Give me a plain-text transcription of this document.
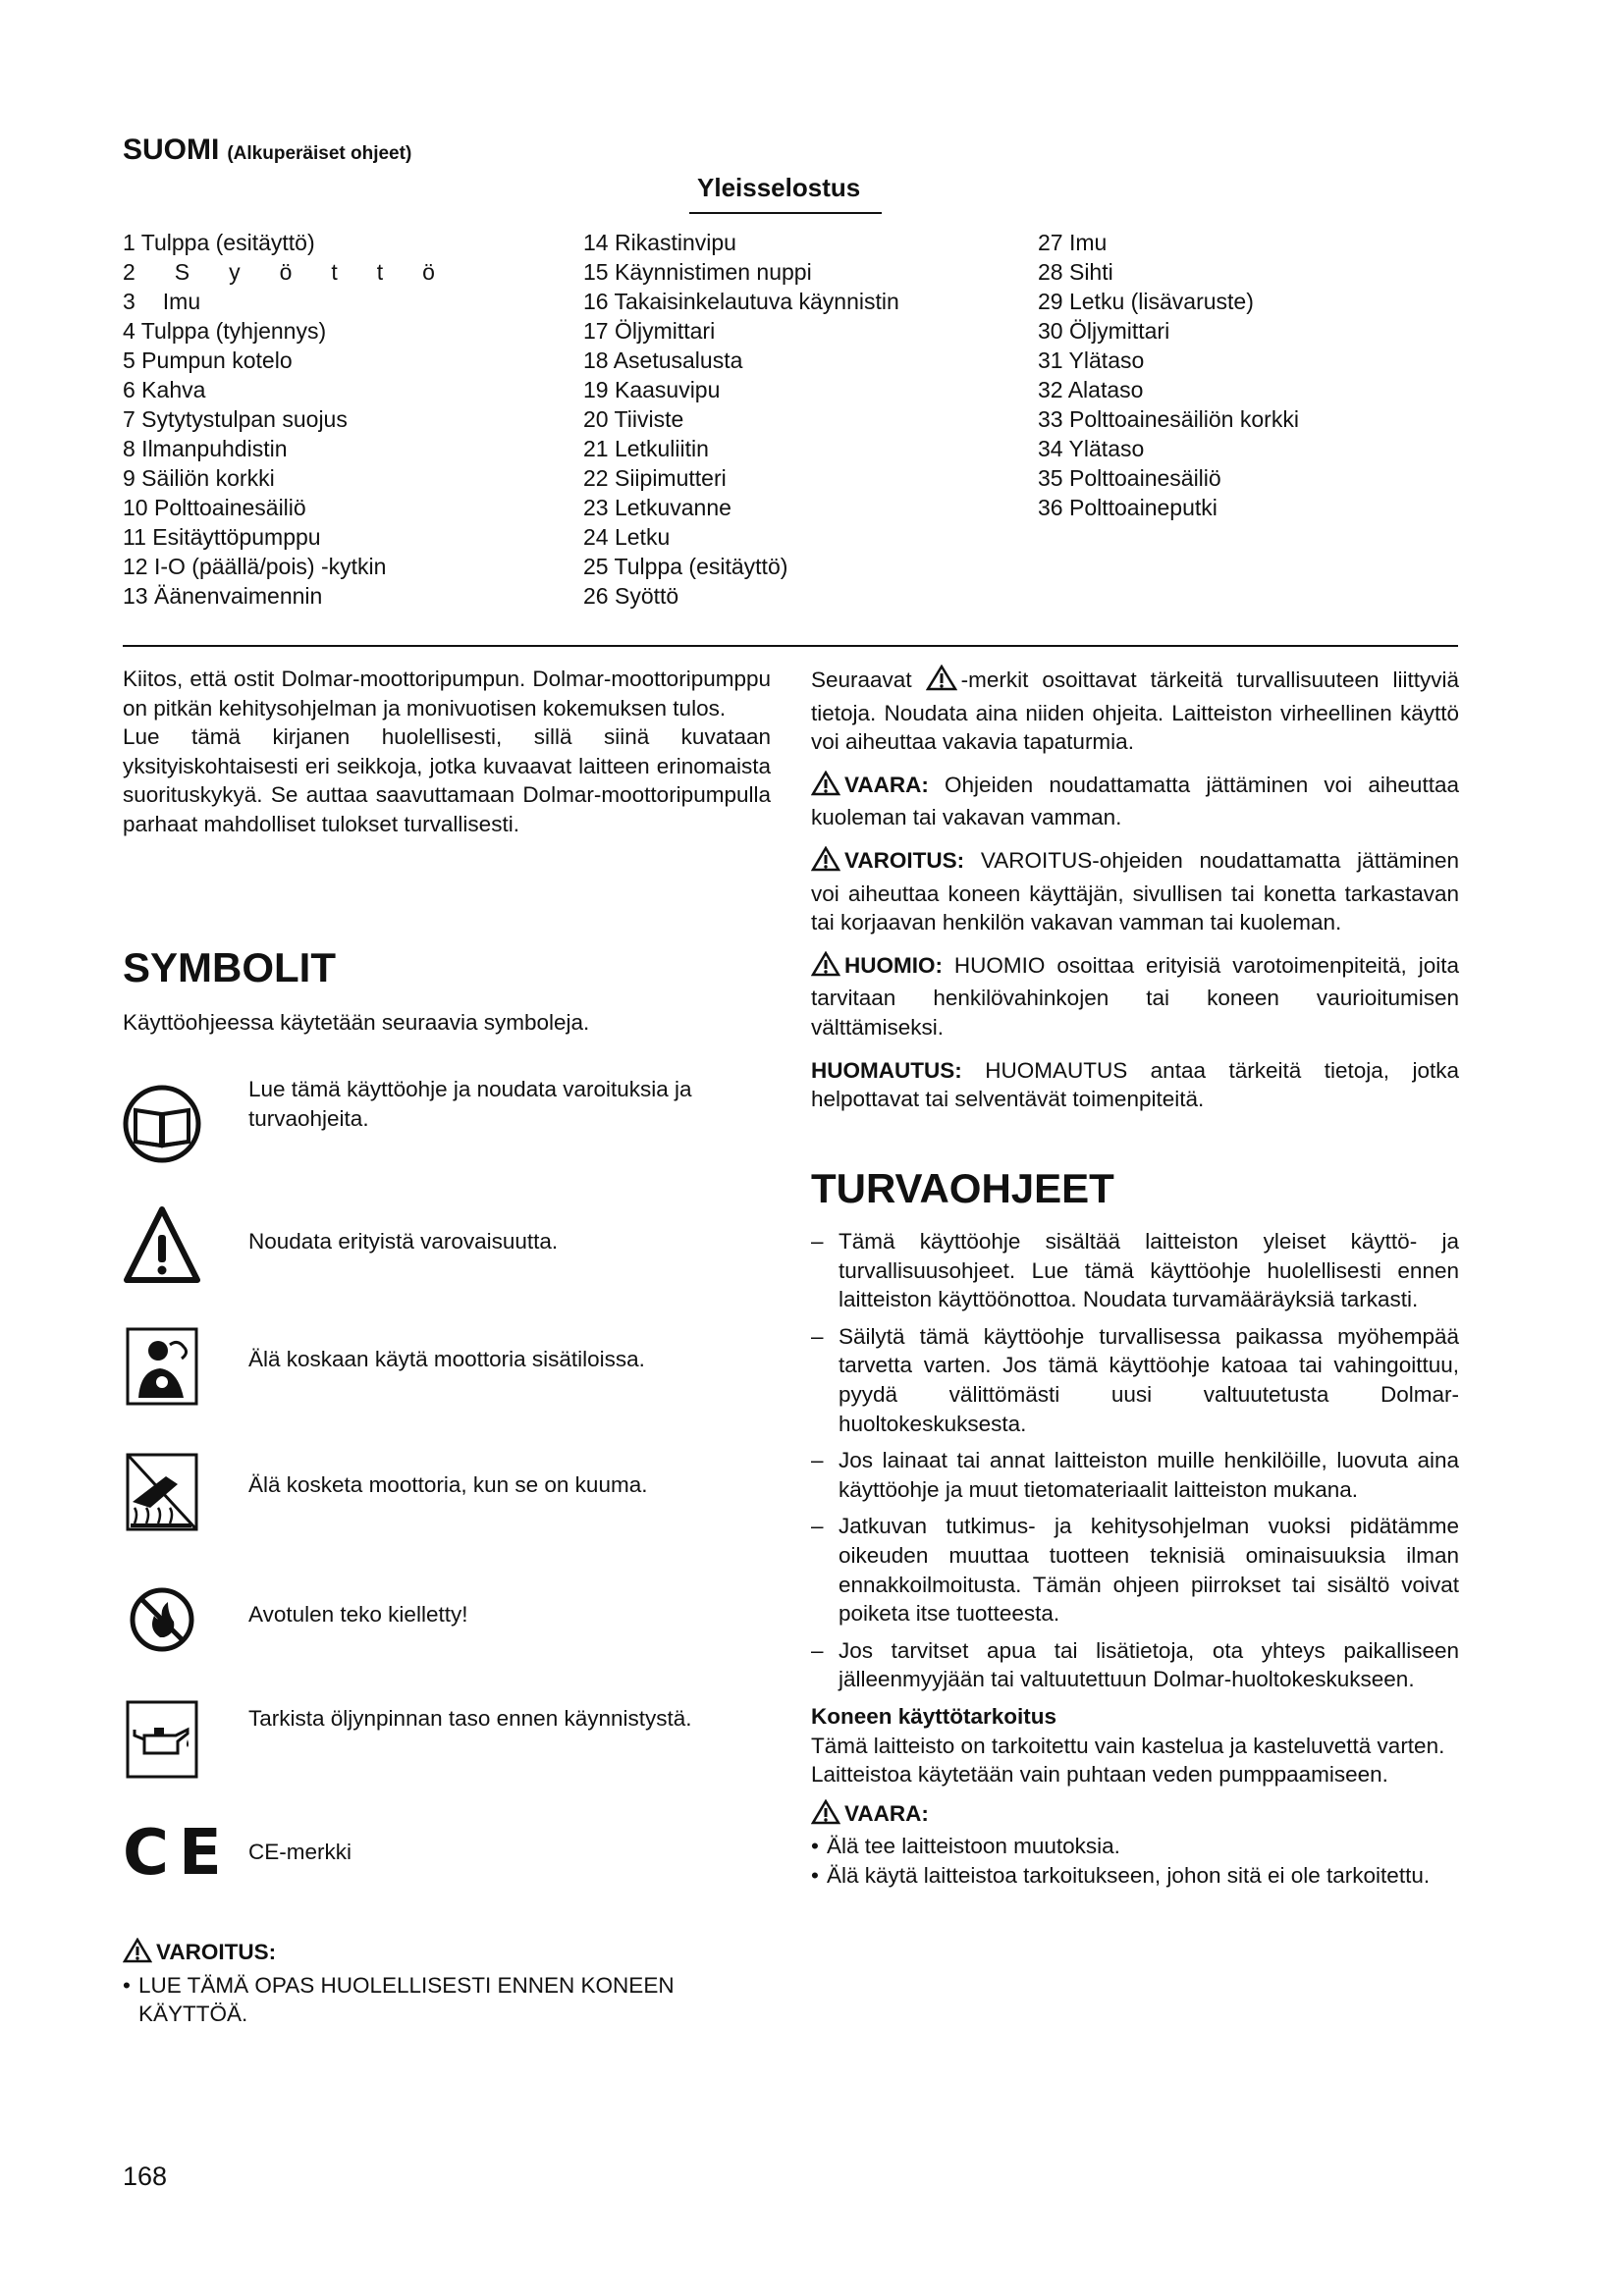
SUOMI (Alkuperäiset ohjeet)
Yleisselostus
1 Tulppa (esitäyttö)
2 S y ö t t ö
3 Imu
4 Tulppa (tyhjennys)
5 Pumpun kotelo
6 Kahva
7 Sytytystulpan suojus
8 Ilmanpuhdistin
9 Säiliön korkki
10 Polttoainesäiliö
11 Esitäyttöpumppu
12 I-O (päällä/pois) -kytkin
13 Äänenvaimennin
14 Rikastinvipu
15 Käynnistimen nuppi
16 Takaisinkelautuva käynnistin
17 Öljymittari
18 Asetusalusta
19 Kaasuvipu
20 Tiiviste
21 Letkuliitin
22 Siipimutteri
23 Letkuvanne
24 Letku
25 Tulppa (esitäyttö)
26 Syöttö
27 Imu
28 Sihti
29 Letku (lisävaruste)
30 Öljymittari
31 Ylätaso
32 Alataso
33 Polttoainesäiliön korkki
34 Ylätaso
35 Polttoainesäiliö
36 Polttoaineputki

Kiitos, että ostit Dolmar-moottoripumpun. Dolmar-moottoripumppu on pitkän kehitysohjelman ja monivuotisen kokemuksen tulos.

Lue tämä kirjanen huolellisesti, sillä siinä kuvataan yksityiskohtaisesti eri seikkoja, jotka kuvaavat laitteen erinomaista suorituskykyä. Se auttaa saavuttamaan Dolmar-moottoripumpulla parhaat mahdolliset tulokset turvallisesti.

SYMBOLIT
Käyttöohjeessa käytetään seuraavia symboleja.
Lue tämä käyttöohje ja noudata varoituksia ja turvaohjeita.
Noudata erityistä varovaisuutta.
Älä koskaan käytä moottoria sisätiloissa.
Älä kosketa moottoria, kun se on kuuma.
Avotulen teko kielletty!
Tarkista öljynpinnan taso ennen käynnistystä.
CE CE-merkki
VAROITUS:
• LUE TÄMÄ OPAS HUOLELLISESTI ENNEN KONEEN KÄYTTÖÄ.

Seuraavat -merkit osoittavat tärkeitä turvallisuuteen liittyviä tietoja. Noudata aina niiden ohjeita. Laitteiston virheellinen käyttö voi aiheuttaa vakavia tapaturmia.

VAARA: Ohjeiden noudattamatta jättäminen voi aiheuttaa kuoleman tai vakavan vamman.

VAROITUS: VAROITUS-ohjeiden noudattamatta jättäminen voi aiheuttaa koneen käyttäjän, sivullisen tai konetta tarkastavan tai korjaavan henkilön vakavan vamman tai kuoleman.

HUOMIO: HUOMIO osoittaa erityisiä varotoimenpiteitä, joita tarvitaan henkilövahinkojen tai koneen vaurioitumisen välttämiseksi.

HUOMAUTUS: HUOMAUTUS antaa tärkeitä tietoja, jotka helpottavat tai selventävät toimenpiteitä.

TURVAOHJEET
– Tämä käyttöohje sisältää laitteiston yleiset käyttö- ja turvallisuusohjeet. Lue tämä käyttöohje huolellisesti ennen laitteiston käyttöönottoa. Noudata turvamääräyksiä tarkasti.
– Säilytä tämä käyttöohje turvallisessa paikassa myöhempää tarvetta varten. Jos tämä käyttöohje katoaa tai vahingoittuu, pyydä välittömästi uusi valtuutetusta Dolmar-huoltokeskuksesta.
– Jos lainaat tai annat laitteiston muille henkilöille, luovuta aina käyttöohje ja muut tietomateriaalit laitteiston mukana.
– Jatkuvan tutkimus- ja kehitysohjelman vuoksi pidätämme oikeuden muuttaa tuotteen teknisiä ominaisuuksia ilman ennakkoilmoitusta. Tämän ohjeen piirrokset tai sisältö voivat poiketa itse tuotteesta.
– Jos tarvitset apua tai lisätietoja, ota yhteys paikalliseen jälleenmyyjään tai valtuutettuun Dolmar-huoltokeskukseen.
Koneen käyttötarkoitus

Tämä laitteisto on tarkoitettu vain kastelua ja kasteluvettä varten.

Laitteistoa käytetään vain puhtaan veden pumppaamiseen.

VAARA:
• Älä tee laitteistoon muutoksia.
• Älä käytä laitteistoa tarkoitukseen, johon sitä ei ole tarkoitettu.
168
